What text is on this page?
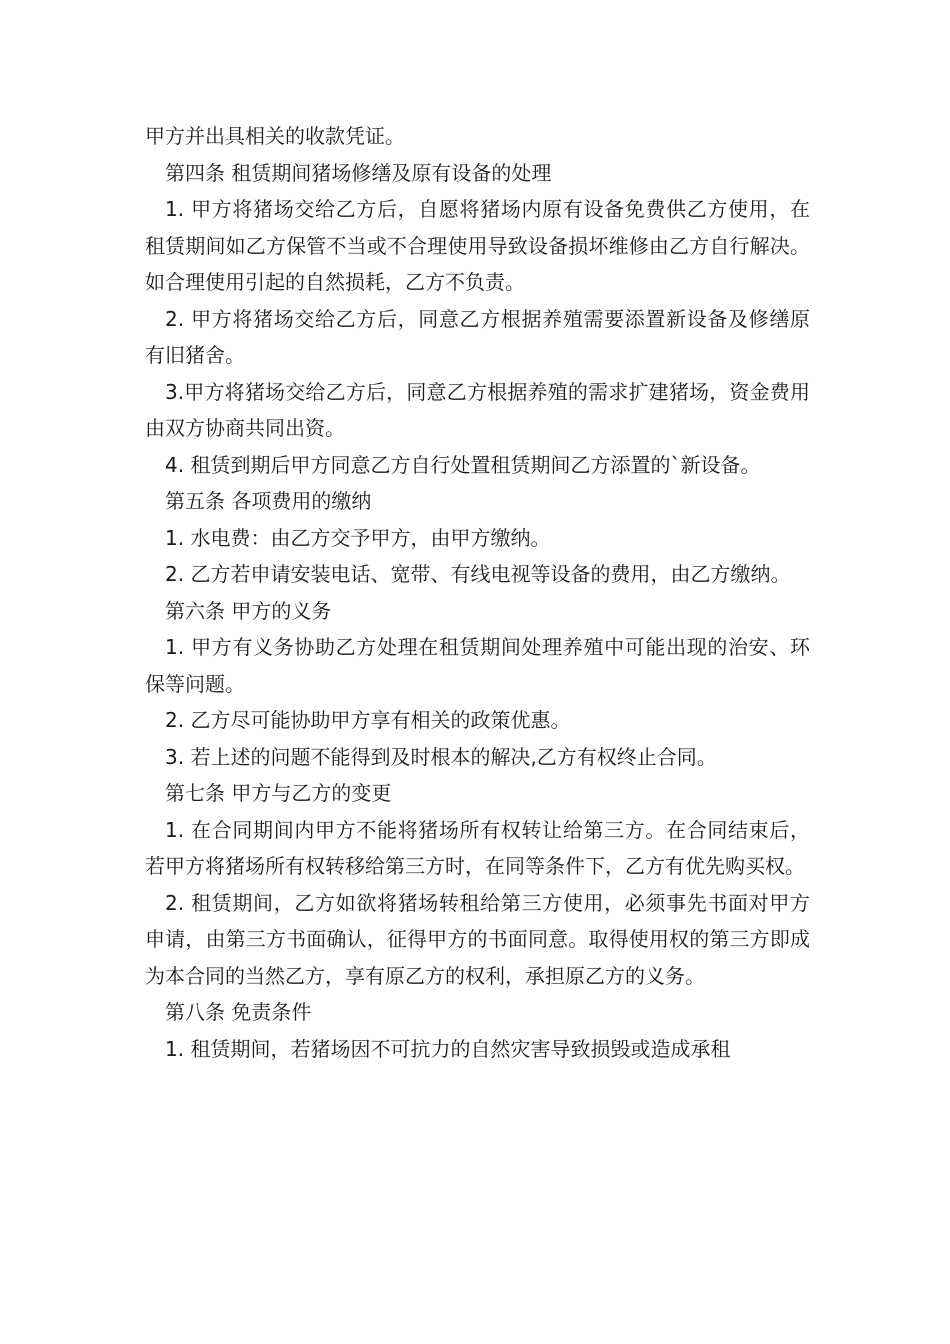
甲方并出具相关的收款凭证。

第四条 租赁期间猪场修缮及原有设备的处理

1. 甲方将猪场交给乙方后，自愿将猪场内原有设备免费供乙方使用，在租赁期间如乙方保管不当或不合理使用导致设备损坏维修由乙方自行解决。如合理使用引起的自然损耗，乙方不负责。

2. 甲方将猪场交给乙方后，同意乙方根据养殖需要添置新设备及修缮原有旧猪舍。

3.甲方将猪场交给乙方后，同意乙方根据养殖的需求扩建猪场，资金费用由双方协商共同出资。

4. 租赁到期后甲方同意乙方自行处置租赁期间乙方添置的`新设备。

第五条 各项费用的缴纳

1. 水电费：由乙方交予甲方，由甲方缴纳。

2. 乙方若申请安装电话、宽带、有线电视等设备的费用，由乙方缴纳。

第六条 甲方的义务

1. 甲方有义务协助乙方处理在租赁期间处理养殖中可能出现的治安、环保等问题。

2. 乙方尽可能协助甲方享有相关的政策优惠。

3. 若上述的问题不能得到及时根本的解决,乙方有权终止合同。

第七条 甲方与乙方的变更

1. 在合同期间内甲方不能将猪场所有权转让给第三方。在合同结束后，若甲方将猪场所有权转移给第三方时，在同等条件下，乙方有优先购买权。

2. 租赁期间，乙方如欲将猪场转租给第三方使用，必须事先书面对甲方申请，由第三方书面确认，征得甲方的书面同意。取得使用权的第三方即成为本合同的当然乙方，享有原乙方的权利，承担原乙方的义务。

第八条 免责条件

1. 租赁期间，若猪场因不可抗力的自然灾害导致损毁或造成承租
